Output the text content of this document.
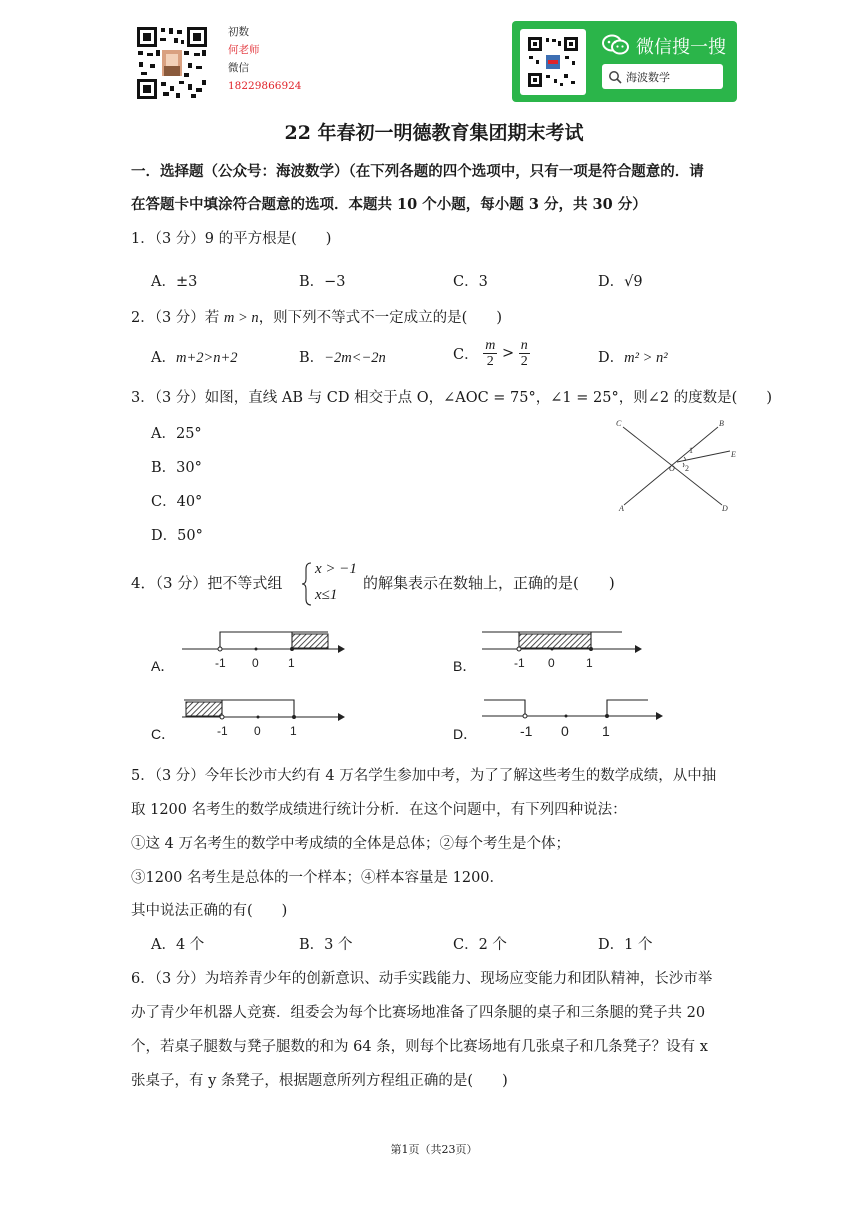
初数
何老师
微信
18229866924
微信搜一搜
海波数学
22 年春初一明德教育集团期末考试
一．选择题（公众号：海波数学）（在下列各题的四个选项中，只有一项是符合题意的．请
在答题卡中填涂符合题意的选项．本题共 10 个小题，每小题 3 分，共 30 分）
1．（3 分）9 的平方根是(　　)
A．±3	B．−3	C．3	D．√9
2．（3 分）若 m > n，则下列不等式不一定成立的是(　　)
A．m+2>n+2	B．−2m<−2n	C． $\frac{m}{2} > \frac{n}{2}$	D．m² > n²
3．（3 分）如图，直线 AB 与 CD 相交于点 O，∠AOC = 75°，∠1 = 25°，则∠2 的度数是(　　)
A．25°
B．30°
C．40°
D．50°
C	B
E
A	D
O
1
2
4．（3 分）把不等式组
x > −1
x≤1
的解集表示在数轴上，正确的是(　　)
A．	-1 0 1	B．	-1 0	1
C．	-1 0 1	D．	-1 0 1
5．（3 分）今年长沙市大约有 4 万名学生参加中考，为了了解这些考生的数学成绩，从中抽
取 1200 名考生的数学成绩进行统计分析．在这个问题中，有下列四种说法：
①这 4 万名考生的数学中考成绩的全体是总体；②每个考生是个体；
③1200 名考生是总体的一个样本；④样本容量是 1200．
其中说法正确的有(　　)
A．4 个	B．3 个	C．2 个	D．1 个
6．（3 分）为培养青少年的创新意识、动手实践能力、现场应变能力和团队精神，长沙市举
办了青少年机器人竞赛．组委会为每个比赛场地准备了四条腿的桌子和三条腿的凳子共 20
个，若桌子腿数与凳子腿数的和为 64 条，则每个比赛场地有几张桌子和几条凳子？设有 x
张桌子，有 y 条凳子，根据题意所列方程组正确的是(　　)
第1页（共23页）
